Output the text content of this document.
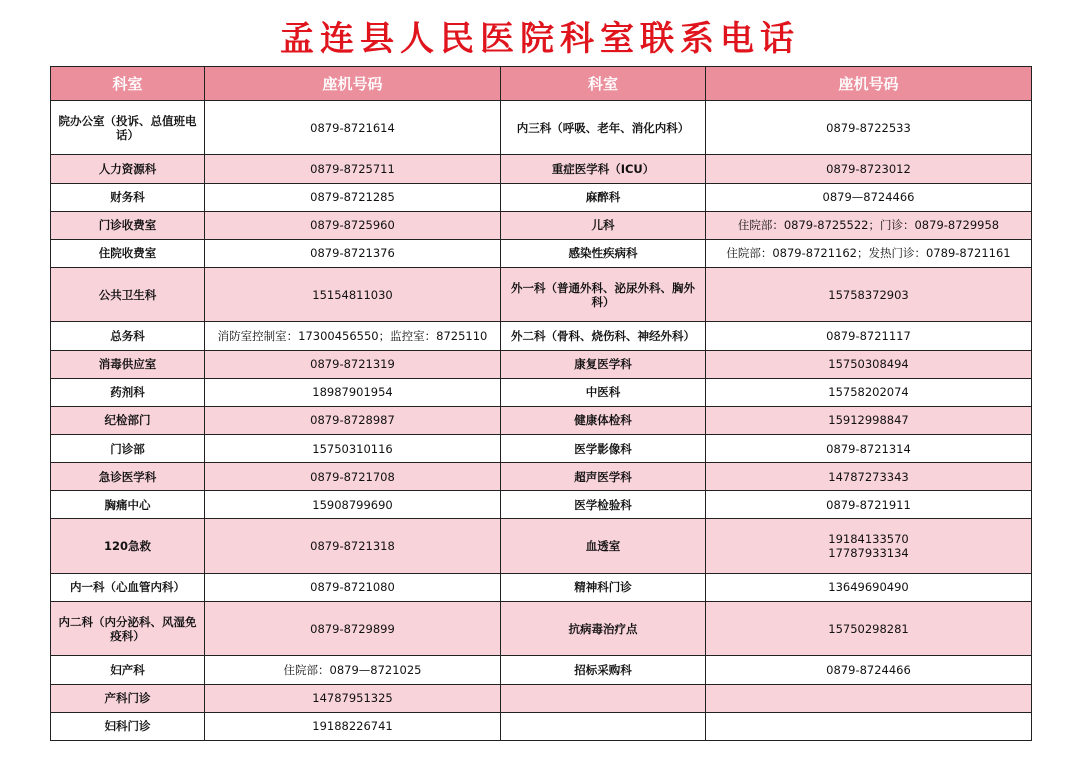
孟连县人民医院科室联系电话
科室	座机号码	科室	座机号码
院办公室（投诉、总值班电话）	0879-8721614	内三科（呼吸、老年、消化内科）	0879-8722533
人力资源科	0879-8725711	重症医学科（ICU）	0879-8723012
财务科	0879-8721285	麻醉科	0879—8724466
门诊收费室	0879-8725960	儿科	住院部：0879-8725522；门诊：0879-8729958
住院收费室	0879-8721376	感染性疾病科	住院部：0879-8721162；发热门诊：0789-8721161
公共卫生科	15154811030	外一科（普通外科、泌尿外科、胸外科）	15758372903
总务科	消防室控制室：17300456550；监控室：8725110	外二科（骨科、烧伤科、神经外科）	0879-8721117
消毒供应室	0879-8721319	康复医学科	15750308494
药剂科	18987901954	中医科	15758202074
纪检部门	0879-8728987	健康体检科	15912998847
门诊部	15750310116	医学影像科	0879-8721314
急诊医学科	0879-8721708	超声医学科	14787273343
胸痛中心	15908799690	医学检验科	0879-8721911
120急救	0879-8721318	血透室	19184133570
17787933134
内一科（心血管内科）	0879-8721080	精神科门诊	13649690490
内二科（内分泌科、风湿免疫科）	0879-8729899	抗病毒治疗点	15750298281
妇产科	住院部：0879—8721025	招标采购科	0879-8724466
产科门诊	14787951325		
妇科门诊	19188226741		
